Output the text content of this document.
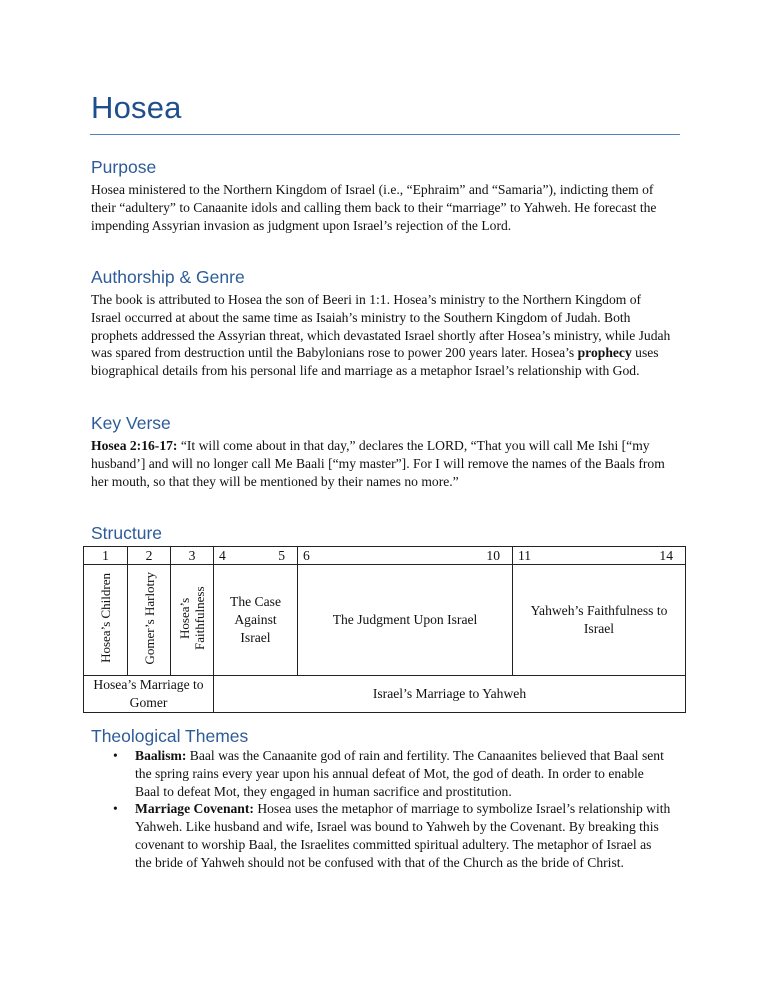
Hosea
Purpose

Hosea ministered to the Northern Kingdom of Israel (i.e., “Ephraim” and “Samaria”), indicting them of their “adultery” to Canaanite idols and calling them back to their “marriage” to Yahweh. He forecast the impending Assyrian invasion as judgment upon Israel’s rejection of the Lord.

Authorship & Genre

The book is attributed to Hosea the son of Beeri in 1:1. Hosea’s ministry to the Northern Kingdom of Israel occurred at about the same time as Isaiah’s ministry to the Southern Kingdom of Judah. Both prophets addressed the Assyrian threat, which devastated Israel shortly after Hosea’s ministry, while Judah was spared from destruction until the Babylonians rose to power 200 years later. Hosea’s prophecy uses biographical details from his personal life and marriage as a metaphor Israel’s relationship with God.

Key Verse

Hosea 2:16-17: “It will come about in that day,” declares the LORD, “That you will call Me Ishi [“my husband’] and will no longer call Me Baali [“my master”]. For I will remove the names of the Baals from her mouth, so that they will be mentioned by their names no more.”

Structure
1	2	3	4 5	6 10	11 14

Hosea’s Children	Gomer’s Harlotry	Hosea’s Faithfulness	The Case Against Israel	The Judgment Upon Israel	Yahweh’s Faithfulness to Israel

Hosea’s Marriage to Gomer			Israel’s Marriage to Yahweh		
Theological Themes
• Baalism: Baal was the Canaanite god of rain and fertility. The Canaanites believed that Baal sent the spring rains every year upon his annual defeat of Mot, the god of death. In order to enable Baal to defeat Mot, they engaged in human sacrifice and prostitution.
• Marriage Covenant: Hosea uses the metaphor of marriage to symbolize Israel’s relationship with Yahweh. Like husband and wife, Israel was bound to Yahweh by the Covenant. By breaking this covenant to worship Baal, the Israelites committed spiritual adultery. The metaphor of Israel as the bride of Yahweh should not be confused with that of the Church as the bride of Christ.
